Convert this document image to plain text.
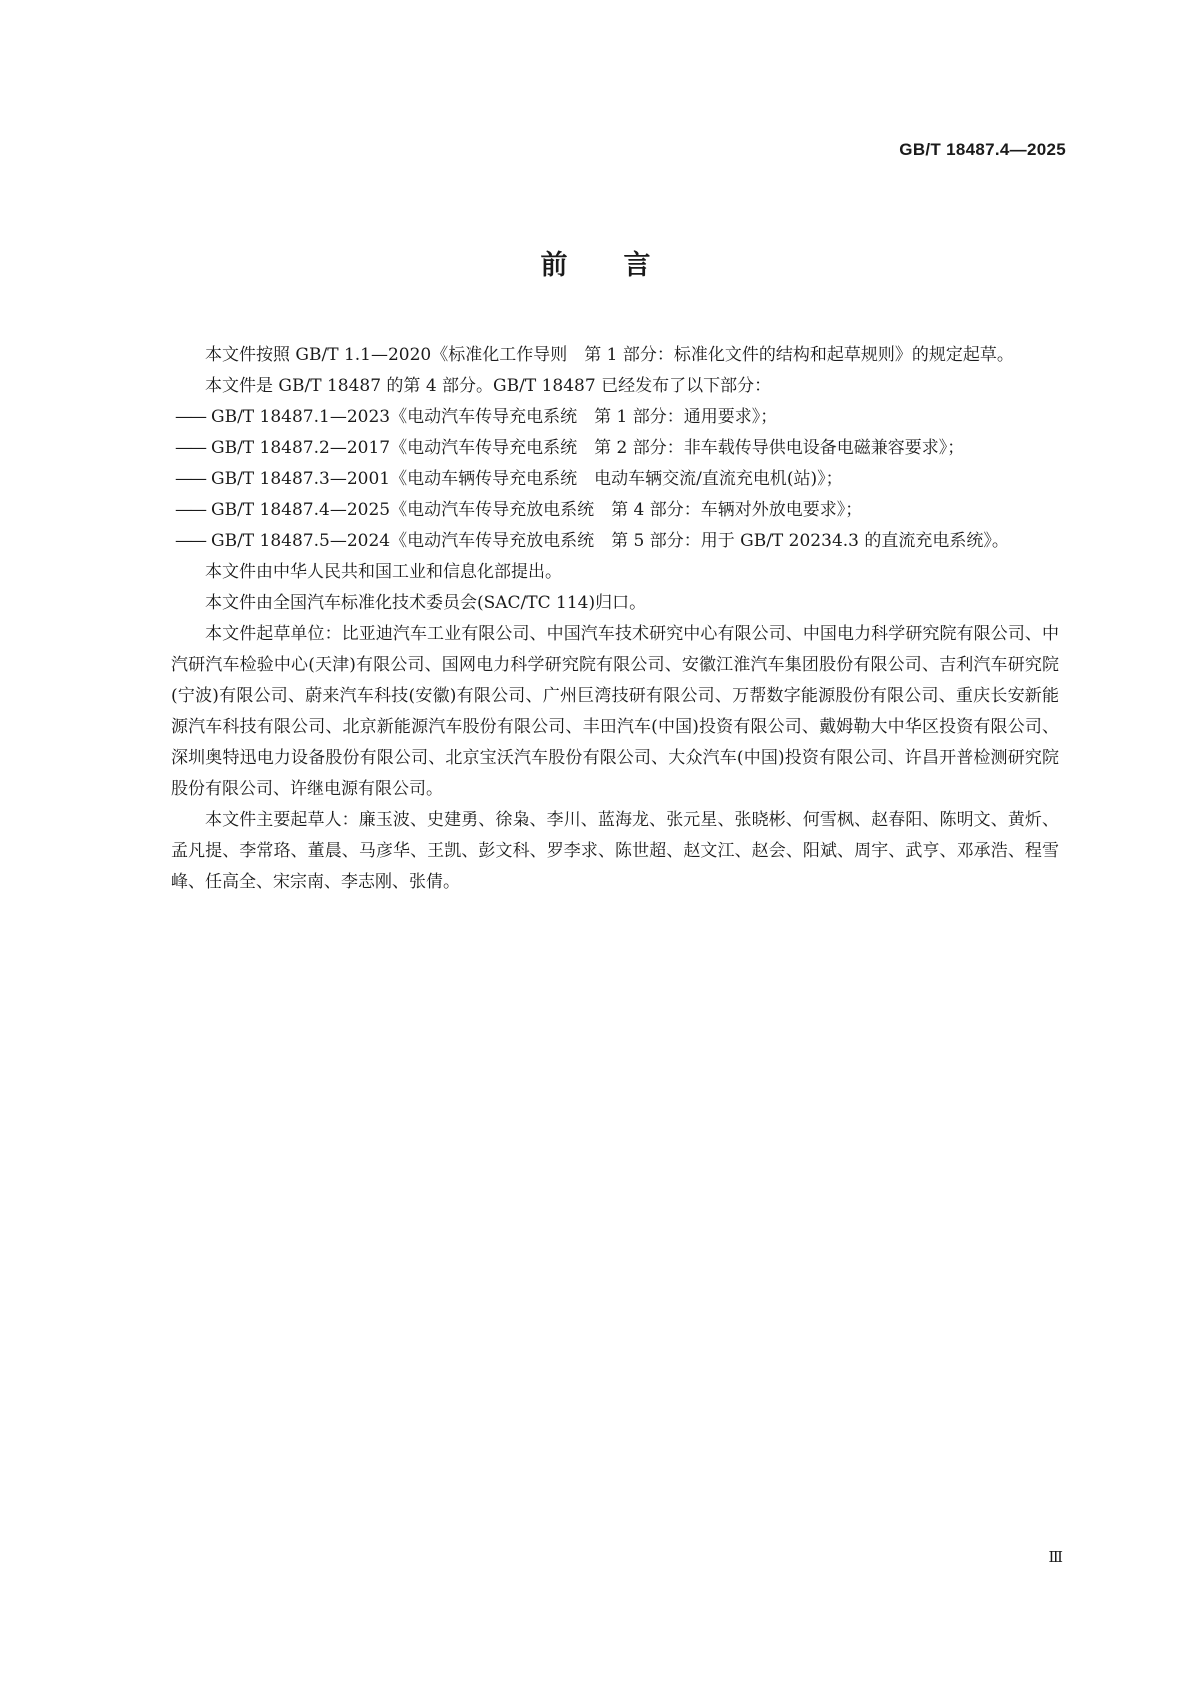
GB/T 18487.4—2025
前言

本文件按照 GB/T 1.1—2020《标准化工作导则　第 1 部分：标准化文件的结构和起草规则》的规定起草。

本文件是 GB/T 18487 的第 4 部分。GB/T 18487 已经发布了以下部分：

—— GB/T 18487.1—2023《电动汽车传导充电系统　第 1 部分：通用要求》；
—— GB/T 18487.2—2017《电动汽车传导充电系统　第 2 部分：非车载传导供电设备电磁兼容要求》；
—— GB/T 18487.3—2001《电动车辆传导充电系统　电动车辆交流/直流充电机(站)》；
—— GB/T 18487.4—2025《电动汽车传导充放电系统　第 4 部分：车辆对外放电要求》；
—— GB/T 18487.5—2024《电动汽车传导充放电系统　第 5 部分：用于 GB/T 20234.3 的直流充电系统》。

本文件由中华人民共和国工业和信息化部提出。

本文件由全国汽车标准化技术委员会(SAC/TC 114)归口。

本文件起草单位：比亚迪汽车工业有限公司、中国汽车技术研究中心有限公司、中国电力科学研究院有限公司、中汽研汽车检验中心(天津)有限公司、国网电力科学研究院有限公司、安徽江淮汽车集团股份有限公司、吉利汽车研究院(宁波)有限公司、蔚来汽车科技(安徽)有限公司、广州巨湾技研有限公司、万帮数字能源股份有限公司、重庆长安新能源汽车科技有限公司、北京新能源汽车股份有限公司、丰田汽车(中国)投资有限公司、戴姆勒大中华区投资有限公司、深圳奥特迅电力设备股份有限公司、北京宝沃汽车股份有限公司、大众汽车(中国)投资有限公司、许昌开普检测研究院股份有限公司、许继电源有限公司。

本文件主要起草人：廉玉波、史建勇、徐枭、李川、蓝海龙、张元星、张晓彬、何雪枫、赵春阳、陈明文、黄炘、孟凡提、李常珞、董晨、马彦华、王凯、彭文科、罗李求、陈世超、赵文江、赵会、阳斌、周宇、武亨、邓承浩、程雪峰、任高全、宋宗南、李志刚、张倩。

Ⅲ
